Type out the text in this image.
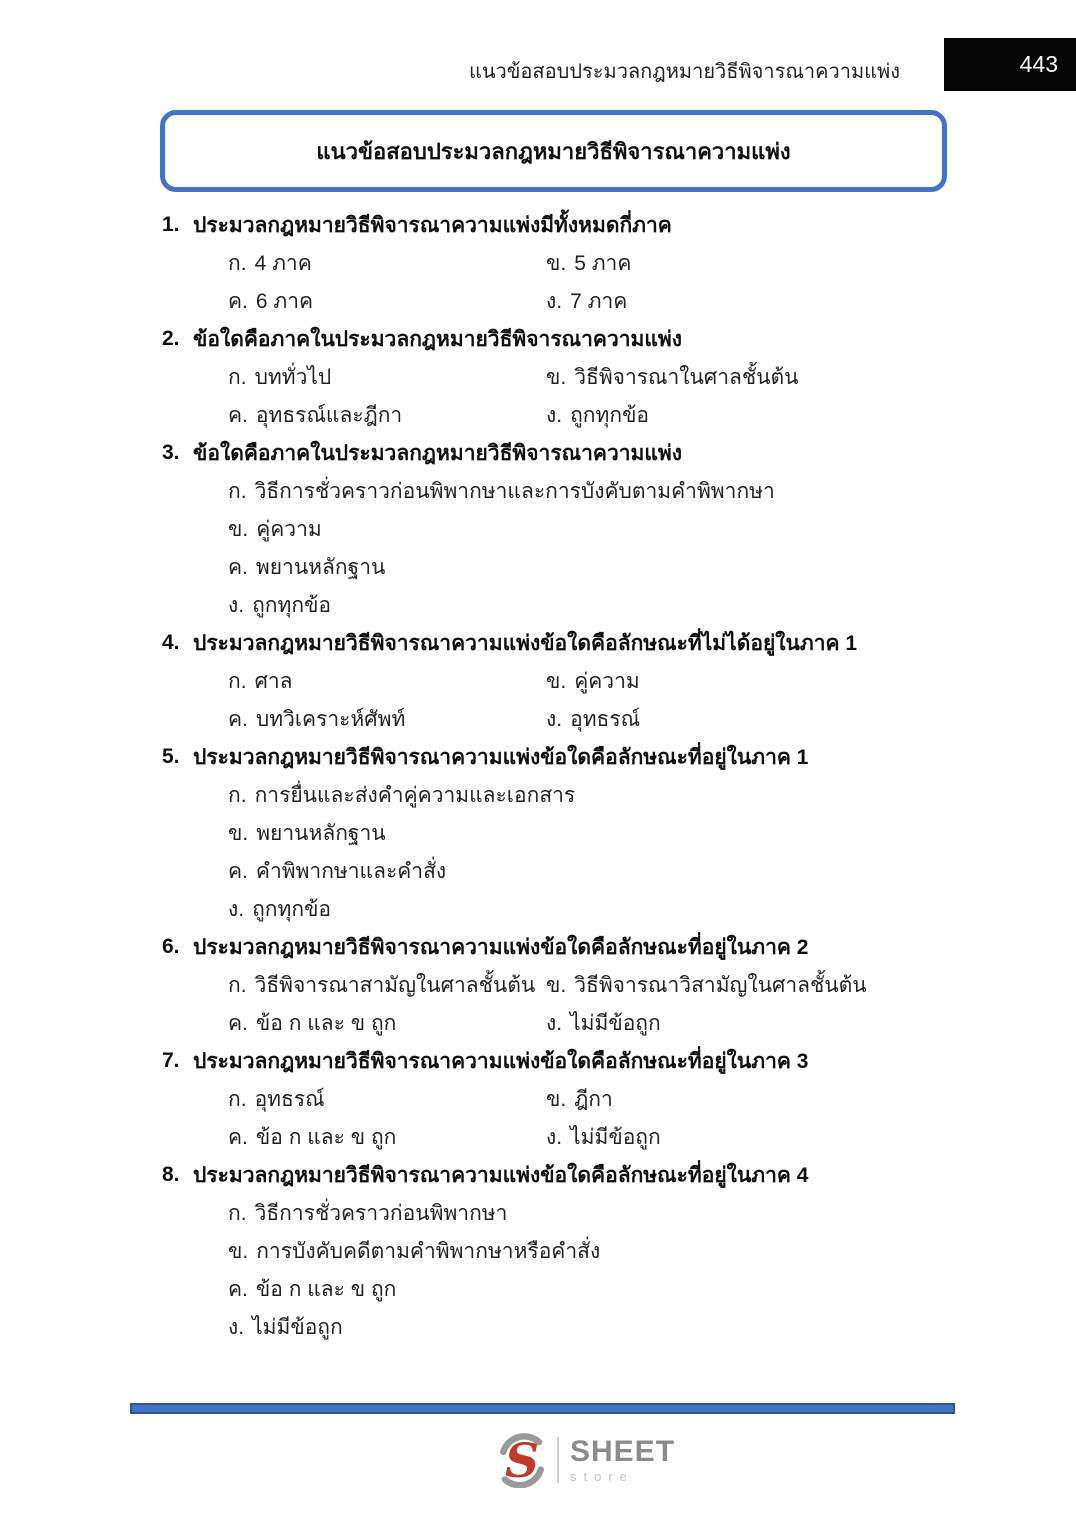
แนวข้อสอบประมวลกฎหมายวิธีพิจารณาความแพ่ง	443
แนวข้อสอบประมวลกฎหมายวิธีพิจารณาความแพ่ง
1. ประมวลกฎหมายวิธีพิจารณาความแพ่งมีทั้งหมดกี่ภาค
ก. 4 ภาค	ข. 5 ภาค
ค. 6 ภาค	ง. 7 ภาค
2. ข้อใดคือภาคในประมวลกฎหมายวิธีพิจารณาความแพ่ง
ก. บททั่วไป	ข. วิธีพิจารณาในศาลชั้นต้น
ค. อุทธรณ์และฎีกา	ง. ถูกทุกข้อ
3. ข้อใดคือภาคในประมวลกฎหมายวิธีพิจารณาความแพ่ง
ก. วิธีการชั่วคราวก่อนพิพากษาและการบังคับตามคำพิพากษา
ข. คู่ความ
ค. พยานหลักฐาน
ง. ถูกทุกข้อ
4. ประมวลกฎหมายวิธีพิจารณาความแพ่งข้อใดคือลักษณะที่ไม่ได้อยู่ในภาค 1
ก. ศาล	ข. คู่ความ
ค. บทวิเคราะห์ศัพท์	ง. อุทธรณ์
5. ประมวลกฎหมายวิธีพิจารณาความแพ่งข้อใดคือลักษณะที่อยู่ในภาค 1
ก. การยื่นและส่งคำคู่ความและเอกสาร
ข. พยานหลักฐาน
ค. คำพิพากษาและคำสั่ง
ง. ถูกทุกข้อ
6. ประมวลกฎหมายวิธีพิจารณาความแพ่งข้อใดคือลักษณะที่อยู่ในภาค 2
ก. วิธีพิจารณาสามัญในศาลชั้นต้น ข. วิธีพิจารณาวิสามัญในศาลชั้นต้น
ค. ข้อ ก และ ข ถูก	ง. ไม่มีข้อถูก
7. ประมวลกฎหมายวิธีพิจารณาความแพ่งข้อใดคือลักษณะที่อยู่ในภาค 3
ก. อุทธรณ์	ข. ฎีกา
ค. ข้อ ก และ ข ถูก	ง. ไม่มีข้อถูก
8. ประมวลกฎหมายวิธีพิจารณาความแพ่งข้อใดคือลักษณะที่อยู่ในภาค 4
ก. วิธีการชั่วคราวก่อนพิพากษา
ข. การบังคับคดีตามคำพิพากษาหรือคำสั่ง
ค. ข้อ ก และ ข ถูก
ง. ไม่มีข้อถูก
S SHEET
store
